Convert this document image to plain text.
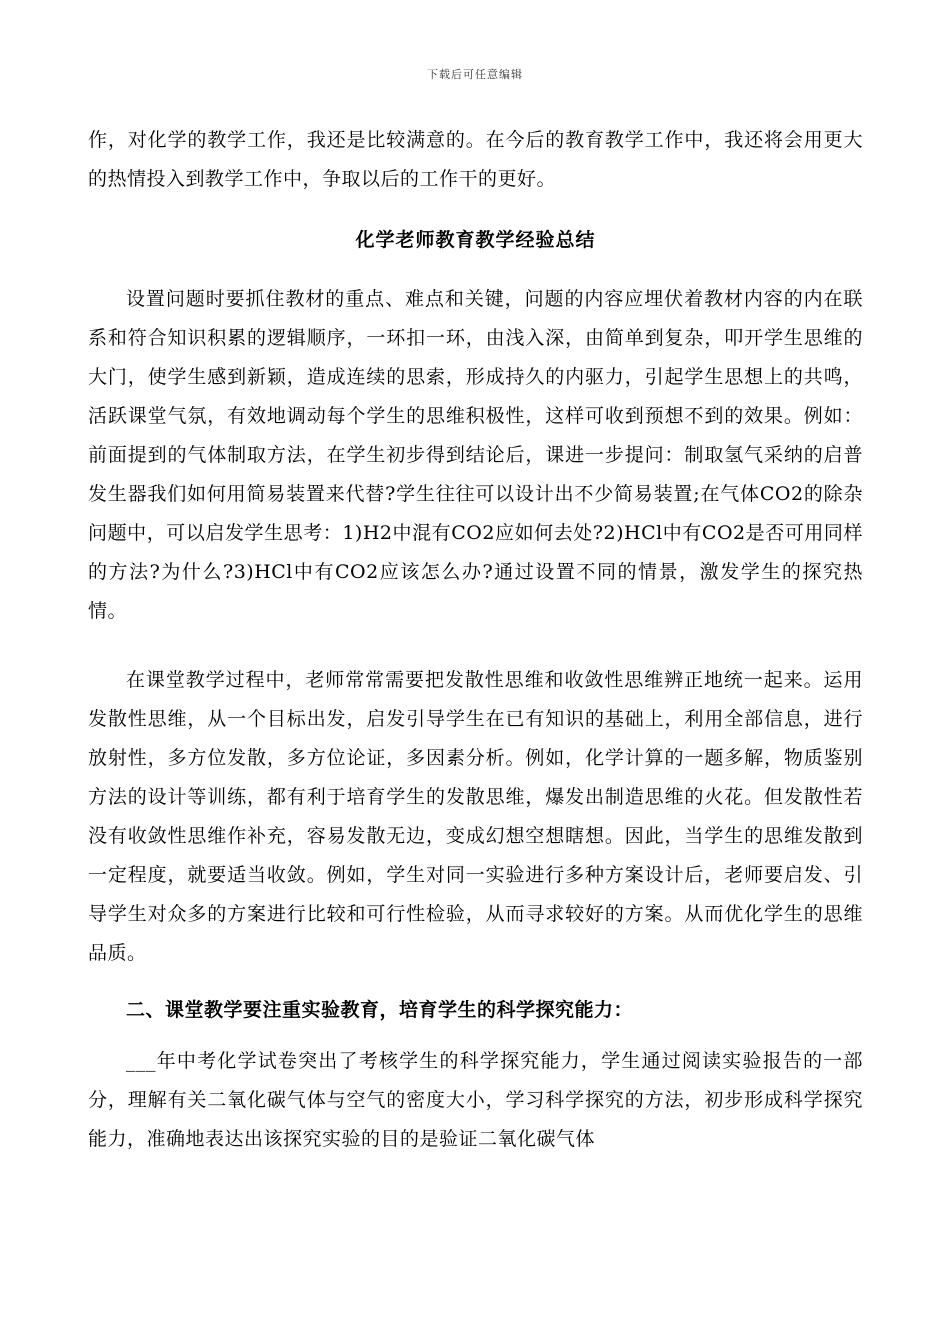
下载后可任意编辑

作，对化学的教学工作，我还是比较满意的。在今后的教育教学工作中，我还将会用更大的热情投入到教学工作中，争取以后的工作干的更好。

化学老师教育教学经验总结

设置问题时要抓住教材的重点、难点和关键，问题的内容应埋伏着教材内容的内在联系和符合知识积累的逻辑顺序，一环扣一环，由浅入深，由简单到复杂，叩开学生思维的大门，使学生感到新颖，造成连续的思索，形成持久的内驱力，引起学生思想上的共鸣，活跃课堂气氛，有效地调动每个学生的思维积极性，这样可收到预想不到的效果。例如：前面提到的气体制取方法，在学生初步得到结论后，课进一步提问：制取氢气采纳的启普发生器我们如何用简易装置来代替?学生往往可以设计出不少简易装置;在气体CO2的除杂问题中，可以启发学生思考：1)H2中混有CO2应如何去处?2)HCl中有CO2是否可用同样的方法?为什么?3)HCl中有CO2应该怎么办?通过设置不同的情景，激发学生的探究热情。

在课堂教学过程中，老师常常需要把发散性思维和收敛性思维辨正地统一起来。运用发散性思维，从一个目标出发，启发引导学生在已有知识的基础上，利用全部信息，进行放射性，多方位发散，多方位论证，多因素分析。例如，化学计算的一题多解，物质鉴别方法的设计等训练，都有利于培育学生的发散思维，爆发出制造思维的火花。但发散性若没有收敛性思维作补充，容易发散无边，变成幻想空想瞎想。因此，当学生的思维发散到一定程度，就要适当收敛。例如，学生对同一实验进行多种方案设计后，老师要启发、引导学生对众多的方案进行比较和可行性检验，从而寻求较好的方案。从而优化学生的思维品质。

二、课堂教学要注重实验教育，培育学生的科学探究能力：

___年中考化学试卷突出了考核学生的科学探究能力，学生通过阅读实验报告的一部分，理解有关二氧化碳气体与空气的密度大小，学习科学探究的方法，初步形成科学探究能力，准确地表达出该探究实验的目的是验证二氧化碳气体
